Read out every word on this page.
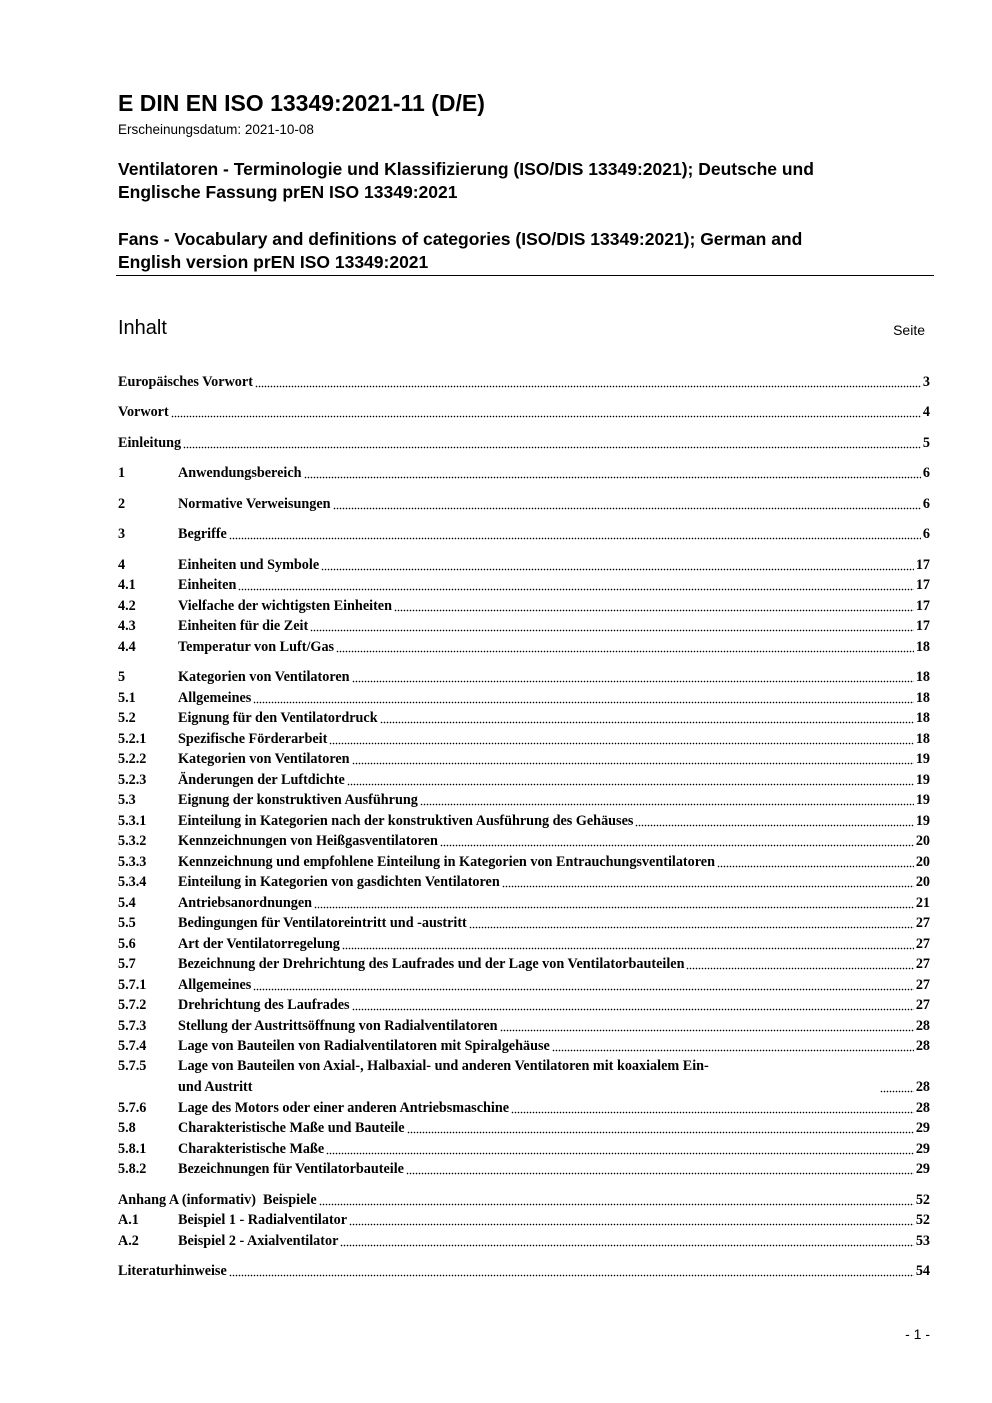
E DIN EN ISO 13349:2021-11 (D/E)
Erscheinungsdatum: 2021-10-08
Ventilatoren - Terminologie und Klassifizierung (ISO/DIS 13349:2021); Deutsche und
Englische Fassung prEN ISO 13349:2021
Fans - Vocabulary and definitions of categories (ISO/DIS 13349:2021); German and
English version prEN ISO 13349:2021
Inhalt	Seite
Europäisches Vorwort	3
Vorwort	4
Einleitung	5
1	Anwendungsbereich	6
2	Normative Verweisungen	6
3	Begriffe	6
4	Einheiten und Symbole	17
4.1	Einheiten	17
4.2	Vielfache der wichtigsten Einheiten	17
4.3	Einheiten für die Zeit	17
4.4	Temperatur von Luft/Gas	18
5	Kategorien von Ventilatoren	18
5.1	Allgemeines	18
5.2	Eignung für den Ventilatordruck	18
5.2.1	Spezifische Förderarbeit	18
5.2.2	Kategorien von Ventilatoren	19
5.2.3	Änderungen der Luftdichte	19
5.3	Eignung der konstruktiven Ausführung	19
5.3.1	Einteilung in Kategorien nach der konstruktiven Ausführung des Gehäuses	19
5.3.2	Kennzeichnungen von Heißgasventilatoren	20
5.3.3	Kennzeichnung und empfohlene Einteilung in Kategorien von Entrauchungsventilatoren	20
5.3.4	Einteilung in Kategorien von gasdichten Ventilatoren	20
5.4	Antriebsanordnungen	21
5.5	Bedingungen für Ventilatoreintritt und -austritt	27
5.6	Art der Ventilatorregelung	27
5.7	Bezeichnung der Drehrichtung des Laufrades und der Lage von Ventilatorbauteilen	27
5.7.1	Allgemeines	27
5.7.2	Drehrichtung des Laufrades	27
5.7.3	Stellung der Austrittsöffnung von Radialventilatoren	28
5.7.4	Lage von Bauteilen von Radialventilatoren mit Spiralgehäuse	28
5.7.5	Lage von Bauteilen von Axial-, Halbaxial- und anderen Ventilatoren mit koaxialem Ein-
und Austritt	28
5.7.6	Lage des Motors oder einer anderen Antriebsmaschine	28
5.8	Charakteristische Maße und Bauteile	29
5.8.1	Charakteristische Maße	29
5.8.2	Bezeichnungen für Ventilatorbauteile	29
Anhang A (informativ)  Beispiele	52
A.1	Beispiel 1 - Radialventilator	52
A.2	Beispiel 2 - Axialventilator	53
Literaturhinweise	54
- 1 -
